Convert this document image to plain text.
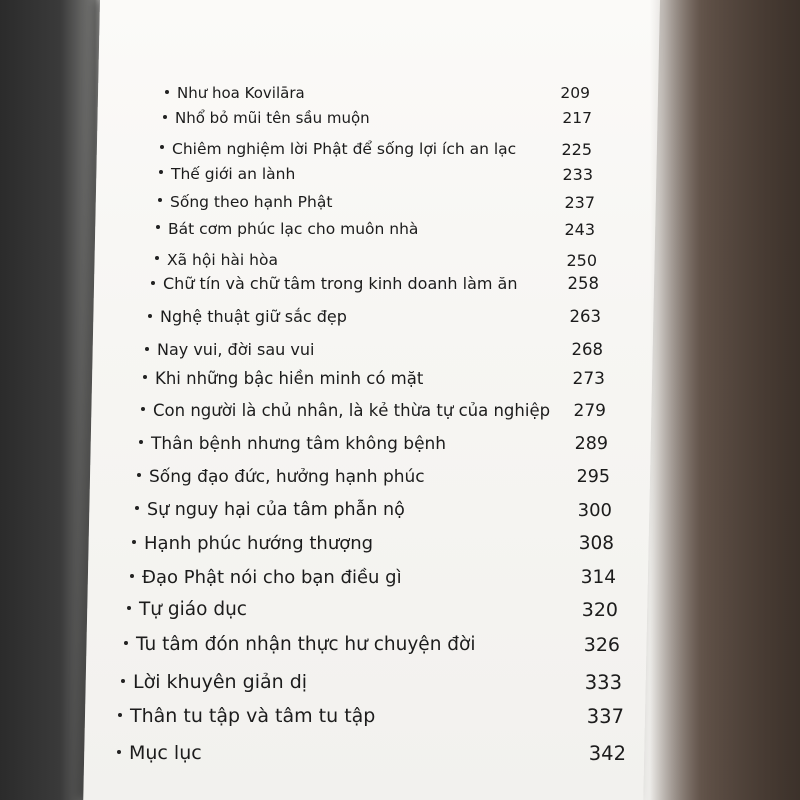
Như hoa Kovilāra	209
Nhổ bỏ mũi tên sầu muộn	217
Chiêm nghiệm lời Phật để sống lợi ích an lạc	225
Thế giới an lành	233
Sống theo hạnh Phật	237
Bát cơm phúc lạc cho muôn nhà	243
Xã hội hài hòa	250
Chữ tín và chữ tâm trong kinh doanh làm ăn	258
Nghệ thuật giữ sắc đẹp	263
Nay vui, đời sau vui	268
Khi những bậc hiền minh có mặt	273
Con người là chủ nhân, là kẻ thừa tự của nghiệp	279
Thân bệnh nhưng tâm không bệnh	289
Sống đạo đức, hưởng hạnh phúc	295
Sự nguy hại của tâm phẫn nộ	300
Hạnh phúc hướng thượng	308
Đạo Phật nói cho bạn điều gì	314
Tự giáo dục	320
Tu tâm đón nhận thực hư chuyện đời	326
Lời khuyên giản dị	333
Thân tu tập và tâm tu tập	337
Mục lục	342
